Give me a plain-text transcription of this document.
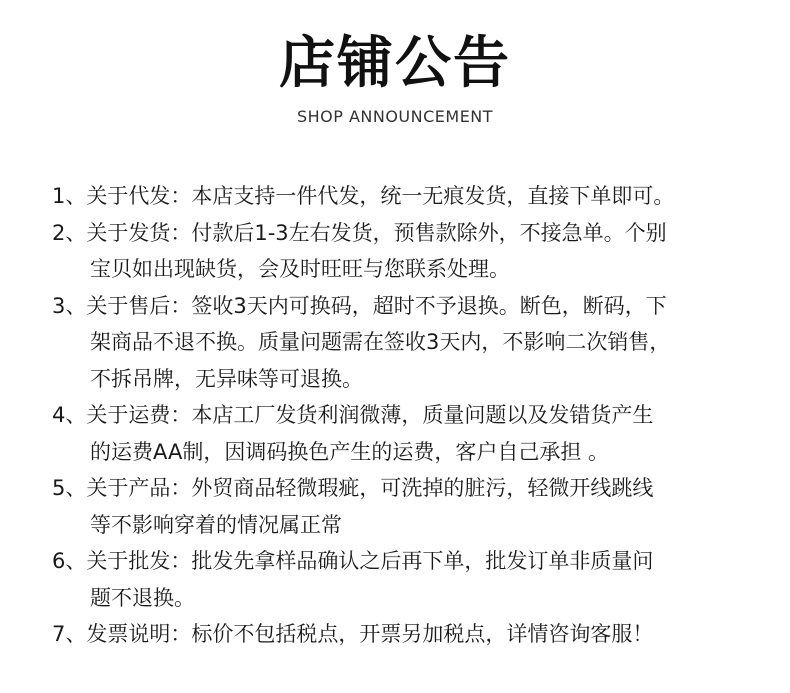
店铺公告
SHOP ANNOUNCEMENT
1、关于代发：本店支持一件代发，统一无痕发货，直接下单即可。
2、关于发货：付款后1-3左右发货，预售款除外，不接急单。个别
宝贝如出现缺货，会及时旺旺与您联系处理。
3、关于售后：签收3天内可换码，超时不予退换。断色，断码，下
架商品不退不换。质量问题需在签收3天内，不影响二次销售，
不拆吊牌，无异味等可退换。
4、关于运费：本店工厂发货利润微薄，质量问题以及发错货产生
的运费AA制，因调码换色产生的运费，客户自己承担 。
5、关于产品：外贸商品轻微瑕疵，可洗掉的脏污，轻微开线跳线
等不影响穿着的情况属正常
6、关于批发：批发先拿样品确认之后再下单，批发订单非质量问
题不退换。
7、发票说明：标价不包括税点，开票另加税点，详情咨询客服！
